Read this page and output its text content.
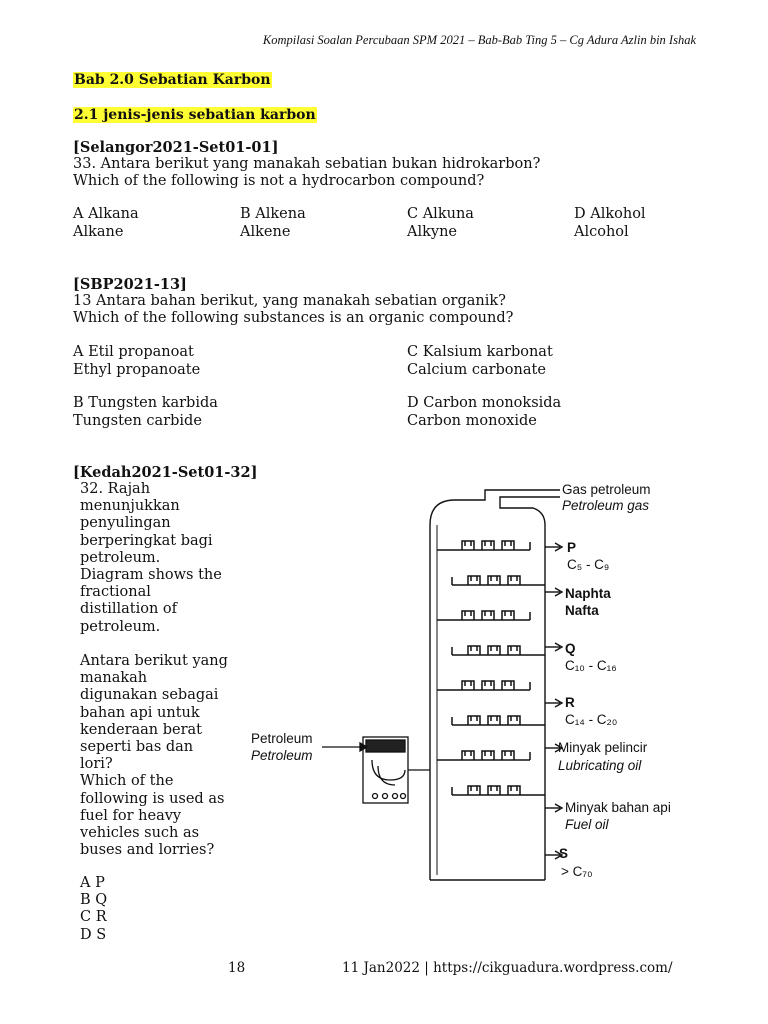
Kompilasi Soalan Percubaan SPM 2021 – Bab-Bab Ting 5 – Cg Adura Azlin bin Ishak
Bab 2.0 Sebatian Karbon
2.1 jenis-jenis sebatian karbon
[Selangor2021-Set01-01]
33. Antara berikut yang manakah sebatian bukan hidrokarbon?
Which of the following is not a hydrocarbon compound?
A Alkana
Alkane
B Alkena
Alkene
C Alkuna
Alkyne
D Alkohol
Alcohol
[SBP2021-13]
13 Antara bahan berikut, yang manakah sebatian organik?
Which of the following substances is an organic compound?
A Etil propanoat
Ethyl propanoate
C Kalsium karbonat
Calcium carbonate
B Tungsten karbida
Tungsten carbide
D Carbon monoksida
Carbon monoxide
[Kedah2021-Set01-32]
32. Rajah
menunjukkan
penyulingan
berperingkat bagi
petroleum.
Diagram shows the
fractional
distillation of
petroleum.
Antara berikut yang
manakah
digunakan sebagai
bahan api untuk
kenderaan berat
seperti bas dan
lori?
Which of the
following is used as
fuel for heavy
vehicles such as
buses and lorries?
A P
B Q
C R
D S
Gas petroleum
Petroleum gas
P
C₅ - C₉
Naphta
Nafta
Q
C₁₀ - C₁₆
R
C₁₄ - C₂₀
Minyak pelincir
Lubricating oil
Minyak bahan api
Fuel oil
S
> C₇₀
Petroleum
Petroleum
18	11 Jan2022 | https://cikguadura.wordpress.com/
